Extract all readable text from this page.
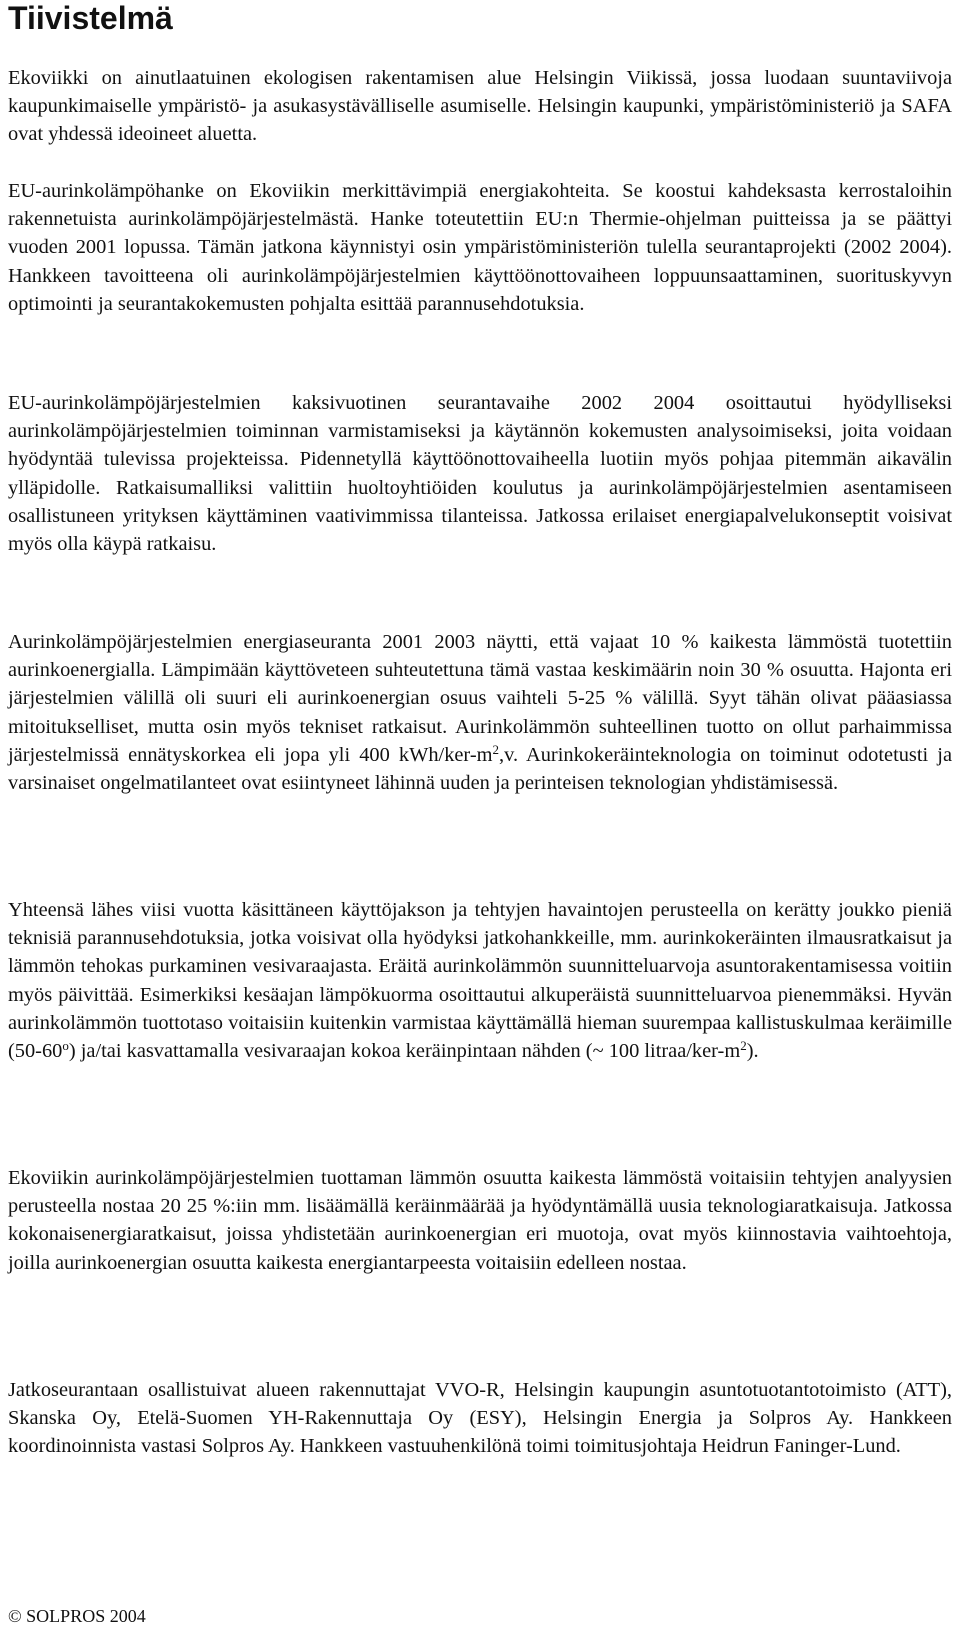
Tiivistelmä

Ekoviikki on ainutlaatuinen ekologisen rakentamisen alue Helsingin Viikissä, jossa luodaan suuntaviivoja kaupunkimaiselle ympäristö- ja asukasystävälliselle asumiselle. Helsingin kaupunki, ympäristöministeriö ja SAFA ovat yhdessä ideoineet aluetta.

EU-aurinkolämpöhanke on Ekoviikin merkittävimpiä energiakohteita. Se koostui kahdeksasta kerrostaloihin rakennetuista aurinkolämpöjärjestelmästä. Hanke toteutettiin EU:n Thermie-ohjelman puitteissa ja se päättyi vuoden 2001 lopussa. Tämän jatkona käynnistyi osin ympäristöministeriön tulella seurantaprojekti (2002 2004). Hankkeen tavoitteena oli aurinkolämpöjärjestelmien käyttöönottovaiheen loppuunsaattaminen, suorituskyvyn optimointi ja seurantakokemusten pohjalta esittää parannusehdotuksia.

EU-aurinkolämpöjärjestelmien kaksivuotinen seurantavaihe 2002 2004 osoittautui hyödylliseksi aurinkolämpöjärjestelmien toiminnan varmistamiseksi ja käytännön kokemusten analysoimiseksi, joita voidaan hyödyntää tulevissa projekteissa. Pidennetyllä käyttöönottovaiheella luotiin myös pohjaa pitemmän aikavälin ylläpidolle. Ratkaisumalliksi valittiin huoltoyhtiöiden koulutus ja aurinkolämpöjärjestelmien asentamiseen osallistuneen yrityksen käyttäminen vaativimmissa tilanteissa. Jatkossa erilaiset energiapalvelukonseptit voisivat myös olla käypä ratkaisu.

Aurinkolämpöjärjestelmien energiaseuranta 2001 2003 näytti, että vajaat 10 % kaikesta lämmöstä tuotettiin aurinkoenergialla. Lämpimään käyttöveteen suhteutettuna tämä vastaa keskimäärin noin 30 % osuutta. Hajonta eri järjestelmien välillä oli suuri eli aurinkoenergian osuus vaihteli 5-25 % välillä. Syyt tähän olivat pääasiassa mitoitukselliset, mutta osin myös tekniset ratkaisut. Aurinkolämmön suhteellinen tuotto on ollut parhaimmissa järjestelmissä ennätyskorkea eli jopa yli 400 kWh/$ker-m^2,v$. Aurinkokeräinteknologia on toiminut odotetusti ja varsinaiset ongelmatilanteet ovat esiintyneet lähinnä uuden ja perinteisen teknologian yhdistämisessä.

Yhteensä lähes viisi vuotta käsittäneen käyttöjakson ja tehtyjen havaintojen perusteella on kerätty joukko pieniä teknisiä parannusehdotuksia, jotka voisivat olla hyödyksi jatkohankkeille, mm. aurinkokeräinten ilmausratkaisut ja lämmön tehokas purkaminen vesivaraajasta. Eräitä aurinkolämmön suunnitteluarvoja asuntorakentamisessa voitiin myös päivittää. Esimerkiksi kesäajan lämpökuorma osoittautui alkuperäistä suunnitteluarvoa pienemmäksi. Hyvän aurinkolämmön tuottotaso voitaisiin kuitenkin varmistaa käyttämällä hieman suurempaa kallistuskulmaa keräimille (50-60$^o$) ja/tai kasvattamalla vesivaraajan kokoa keräinpintaan nähden (~ 100 litraa/$ker-m^2$).

Ekoviikin aurinkolämpöjärjestelmien tuottaman lämmön osuutta kaikesta lämmöstä voitaisiin tehtyjen analyysien perusteella nostaa 20 25 %:iin mm. lisäämällä keräinmäärää ja hyödyntämällä uusia teknologiaratkaisuja. Jatkossa kokonaisenergiaratkaisut, joissa yhdistetään aurinkoenergian eri muotoja, ovat myös kiinnostavia vaihtoehtoja, joilla aurinkoenergian osuutta kaikesta energiantarpeesta voitaisiin edelleen nostaa.

Jatkoseurantaan osallistuivat alueen rakennuttajat VVO-R, Helsingin kaupungin asuntotuotantotoimisto (ATT), Skanska Oy, Etelä-Suomen YH-Rakennuttaja Oy (ESY), Helsingin Energia ja Solpros Ay. Hankkeen koordinoinnista vastasi Solpros Ay. Hankkeen vastuuhenkilönä toimi toimitusjohtaja Heidrun Faninger-Lund.

© SOLPROS 2004
